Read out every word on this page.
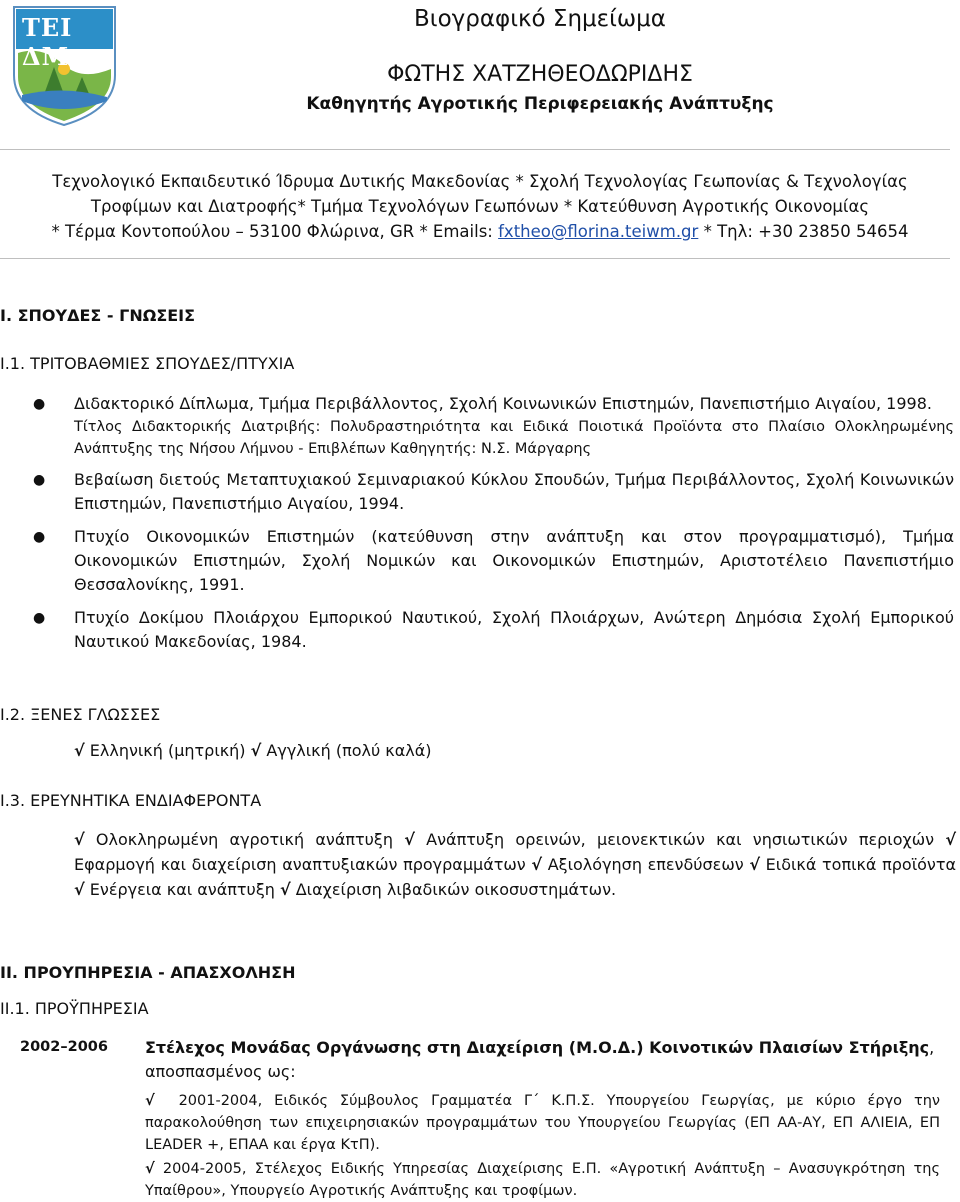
ΤΕΙ ΔΜ
Βιογραφικό Σημείωμα
ΦΩΤΗΣ ΧΑΤΖΗΘΕΟΔΩΡΙΔΗΣ
Καθηγητής Αγροτικής Περιφερειακής Ανάπτυξης
Τεχνολογικό Εκπαιδευτικό Ίδρυμα Δυτικής Μακεδονίας * Σχολή Τεχνολογίας Γεωπονίας & Τεχνολογίας
Τροφίμων και Διατροφής* Τμήμα Τεχνολόγων Γεωπόνων * Κατεύθυνση Αγροτικής Οικονομίας
* Τέρμα Κοντοπούλου – 53100 Φλώρινα, GR * Emails: fxtheo@florina.teiwm.gr * Τηλ: +30 23850 54654
Ι. ΣΠΟΥΔΕΣ - ΓΝΩΣΕΙΣ
Ι.1. ΤΡΙΤΟΒΑΘΜΙΕΣ ΣΠΟΥΔΕΣ/ΠΤΥΧΙΑ
● Διδακτορικό Δίπλωμα, Τμήμα Περιβάλλοντος, Σχολή Κοινωνικών Επιστημών, Πανεπιστήμιο Αιγαίου, 1998.
Τίτλος Διδακτορικής Διατριβής: Πολυδραστηριότητα και Ειδικά Ποιοτικά Προϊόντα στο Πλαίσιο Ολοκληρωμένης Ανάπτυξης της Νήσου Λήμνου - Επιβλέπων Καθηγητής: Ν.Σ. Μάργαρης
● Βεβαίωση διετούς Μεταπτυχιακού Σεμιναριακού Κύκλου Σπουδών, Τμήμα Περιβάλλοντος, Σχολή Κοινωνικών Επιστημών, Πανεπιστήμιο Αιγαίου, 1994.
● Πτυχίο Οικονομικών Επιστημών (κατεύθυνση στην ανάπτυξη και στον προγραμματισμό), Τμήμα Οικονομικών Επιστημών, Σχολή Νομικών και Οικονομικών Επιστημών, Αριστοτέλειο Πανεπιστήμιο Θεσσαλονίκης, 1991.
● Πτυχίο Δοκίμου Πλοιάρχου Εμπορικού Ναυτικού, Σχολή Πλοιάρχων, Ανώτερη Δημόσια Σχολή Εμπορικού Ναυτικού Μακεδονίας, 1984.
Ι.2. ΞΕΝΕΣ ΓΛΩΣΣΕΣ
√ Ελληνική (μητρική) √ Αγγλική (πολύ καλά)
Ι.3. ΕΡΕΥΝΗΤΙΚΑ ΕΝΔΙΑΦΕΡΟΝΤΑ
√ Ολοκληρωμένη αγροτική ανάπτυξη √ Ανάπτυξη ορεινών, μειονεκτικών και νησιωτικών περιοχών √ Εφαρμογή και διαχείριση αναπτυξιακών προγραμμάτων √ Αξιολόγηση επενδύσεων √ Ειδικά τοπικά προϊόντα √ Ενέργεια και ανάπτυξη √ Διαχείριση λιβαδικών οικοσυστημάτων.
ΙΙ. ΠΡΟΥΠΗΡΕΣΙΑ - ΑΠΑΣΧΟΛΗΣΗ
ΙΙ.1. ΠΡΟΫΠΗΡΕΣΙΑ
2002–2006 Στέλεχος Μονάδας Οργάνωσης στη Διαχείριση (Μ.Ο.Δ.) Κοινοτικών Πλαισίων Στήριξης, αποσπασμένος ως:
√ 2001-2004, Ειδικός Σύμβουλος Γραμματέα Γ΄ Κ.Π.Σ. Υπουργείου Γεωργίας, με κύριο έργο την παρακολούθηση των επιχειρησιακών προγραμμάτων του Υπουργείου Γεωργίας (ΕΠ ΑΑ-ΑΥ, ΕΠ ΑΛΙΕΙΑ, ΕΠ LEADER +, ΕΠΑΑ και έργα ΚτΠ).
√ 2004-2005, Στέλεχος Ειδικής Υπηρεσίας Διαχείρισης Ε.Π. «Αγροτική Ανάπτυξη – Ανασυγκρότηση της Υπαίθρου», Υπουργείο Αγροτικής Ανάπτυξης και τροφίμων.
